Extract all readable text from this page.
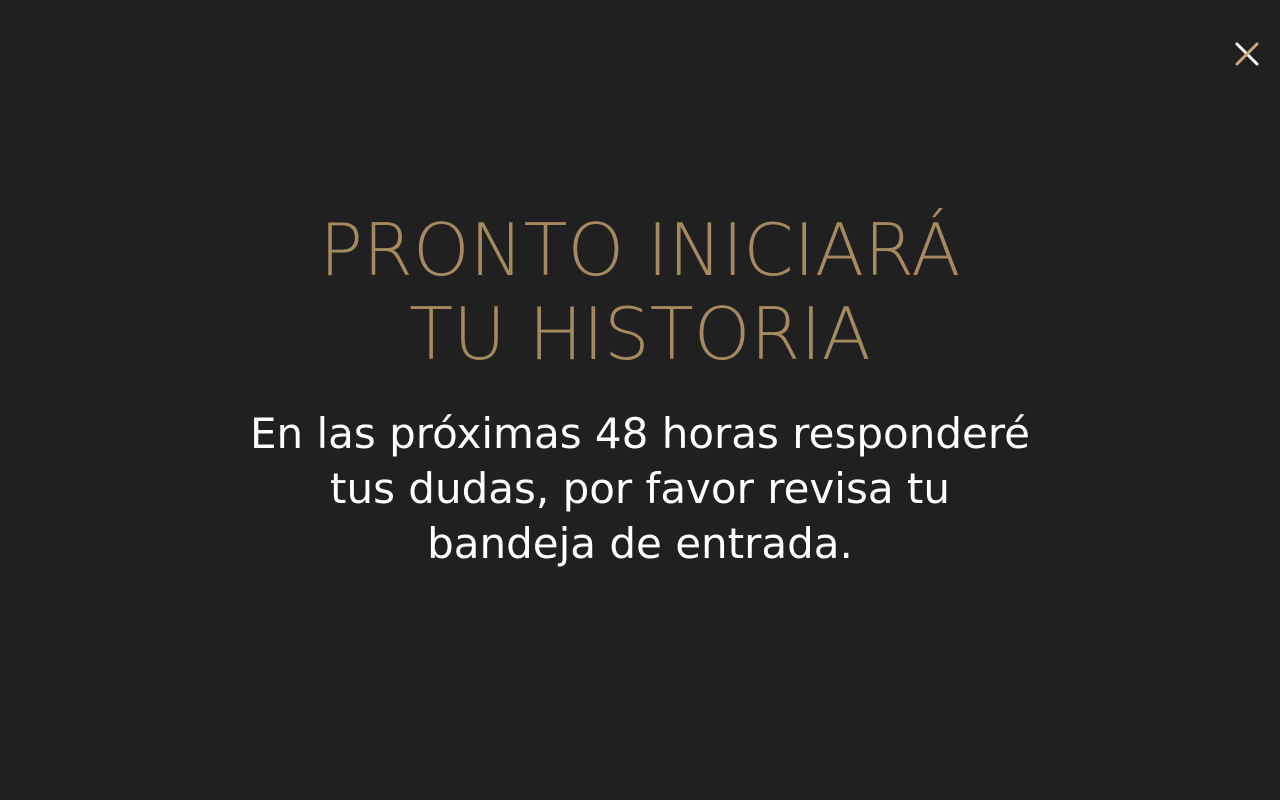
PRONTO INICIARÁ
TU HISTORIA

En las próximas 48 horas responderé
tus dudas, por favor revisa tu
bandeja de entrada.
